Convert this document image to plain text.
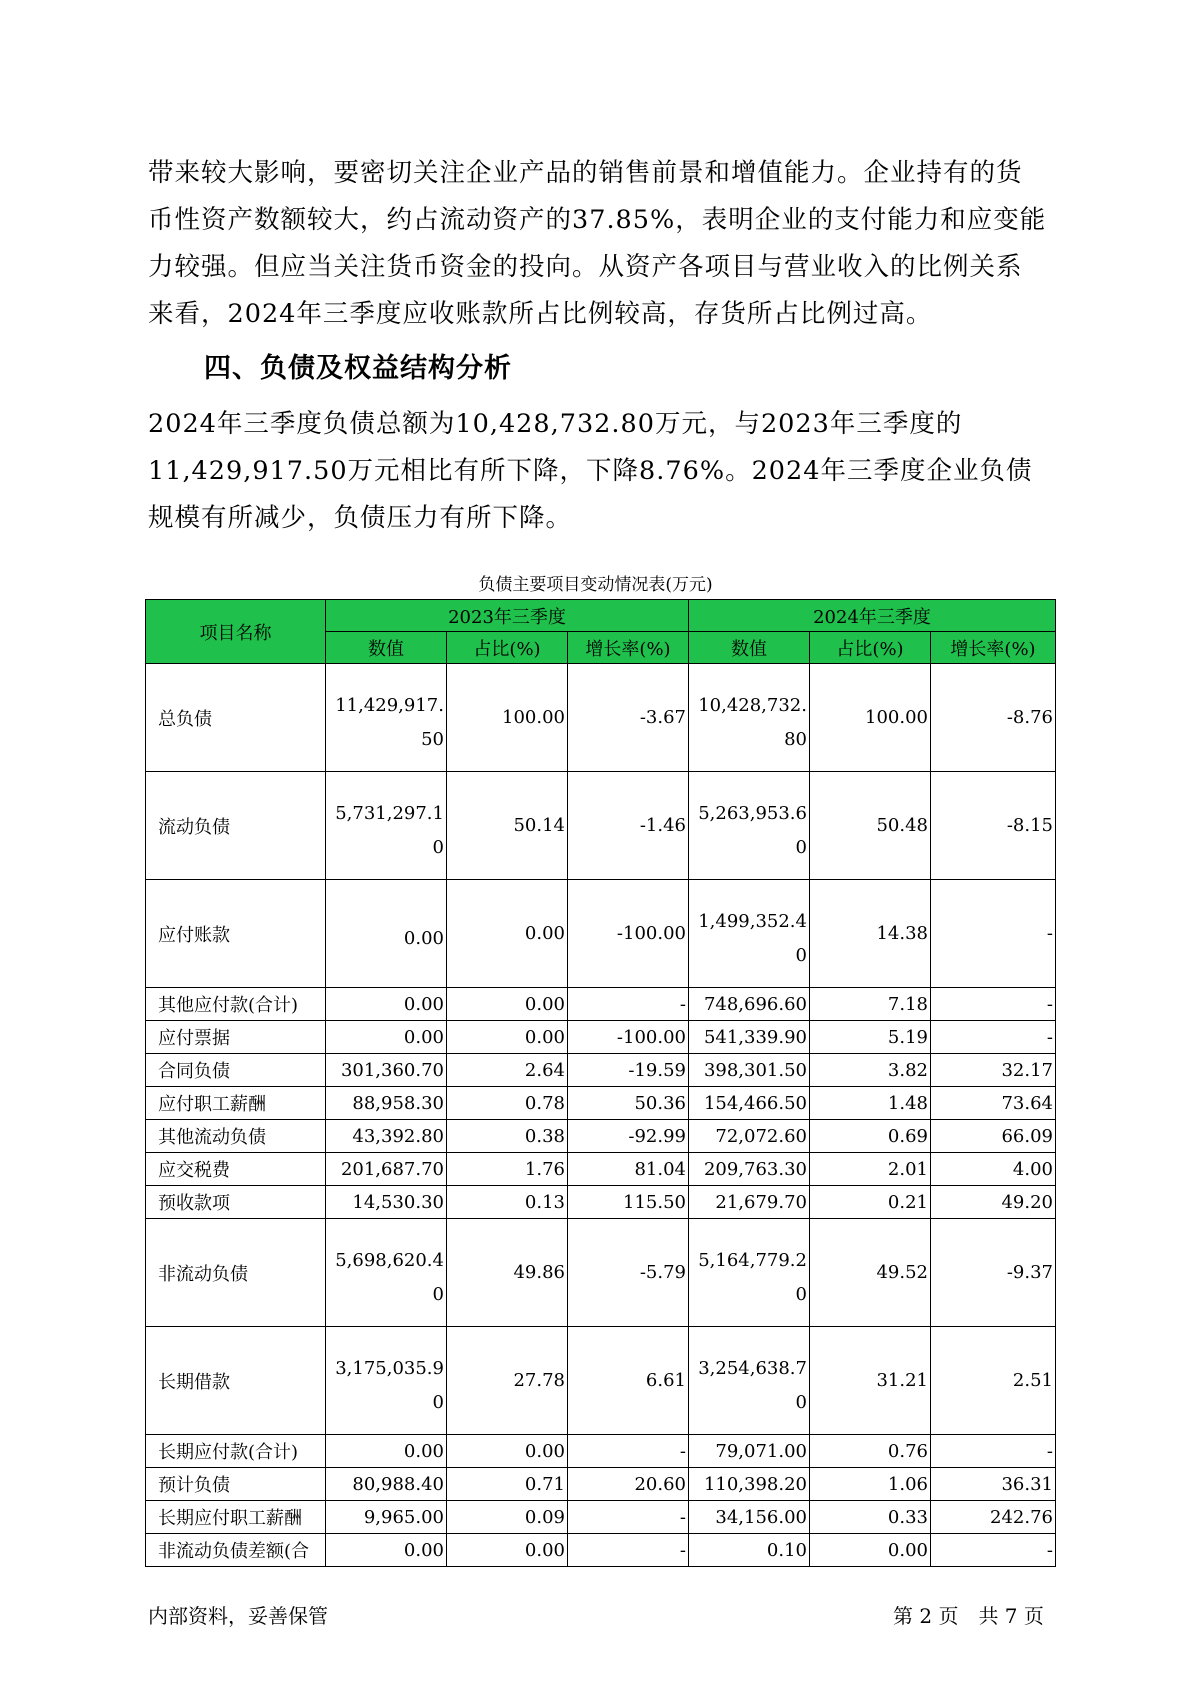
带来较大影响，要密切关注企业产品的销售前景和增值能力。企业持有的货币性资产数额较大，约占流动资产的37.85%，表明企业的支付能力和应变能力较强。但应当关注货币资金的投向。从资产各项目与营业收入的比例关系来看，2024年三季度应收账款所占比例较高，存货所占比例过高。
四、负债及权益结构分析
2024年三季度负债总额为10,428,732.80万元，与2023年三季度的11,429,917.50万元相比有所下降，下降8.76%。2024年三季度企业负债规模有所减少，负债压力有所下降。
负债主要项目变动情况表(万元)
项目名称	2023年三季度			2024年三季度		
	数值	占比(%)	增长率(%)	数值	占比(%)	增长率(%)
总负债	11,429,917.50	100.00	-3.67	10,428,732.80	100.00	-8.76
流动负债	5,731,297.10	50.14	-1.46	5,263,953.60	50.48	-8.15
应付账款	0.00	0.00	-100.00	1,499,352.40	14.38	-
其他应付款(合计)	0.00	0.00	-	748,696.60	7.18	-
应付票据	0.00	0.00	-100.00	541,339.90	5.19	-
合同负债	301,360.70	2.64	-19.59	398,301.50	3.82	32.17
应付职工薪酬	88,958.30	0.78	50.36	154,466.50	1.48	73.64
其他流动负债	43,392.80	0.38	-92.99	72,072.60	0.69	66.09
应交税费	201,687.70	1.76	81.04	209,763.30	2.01	4.00
预收款项	14,530.30	0.13	115.50	21,679.70	0.21	49.20
非流动负债	5,698,620.40	49.86	-5.79	5,164,779.20	49.52	-9.37
长期借款	3,175,035.90	27.78	6.61	3,254,638.70	31.21	2.51
长期应付款(合计)	0.00	0.00	-	79,071.00	0.76	-
预计负债	80,988.40	0.71	20.60	110,398.20	1.06	36.31
长期应付职工薪酬	9,965.00	0.09	-	34,156.00	0.33	242.76
非流动负债差额(合	0.00	0.00	-	0.10	0.00	-
内部资料，妥善保管	第 2 页　共 7 页
